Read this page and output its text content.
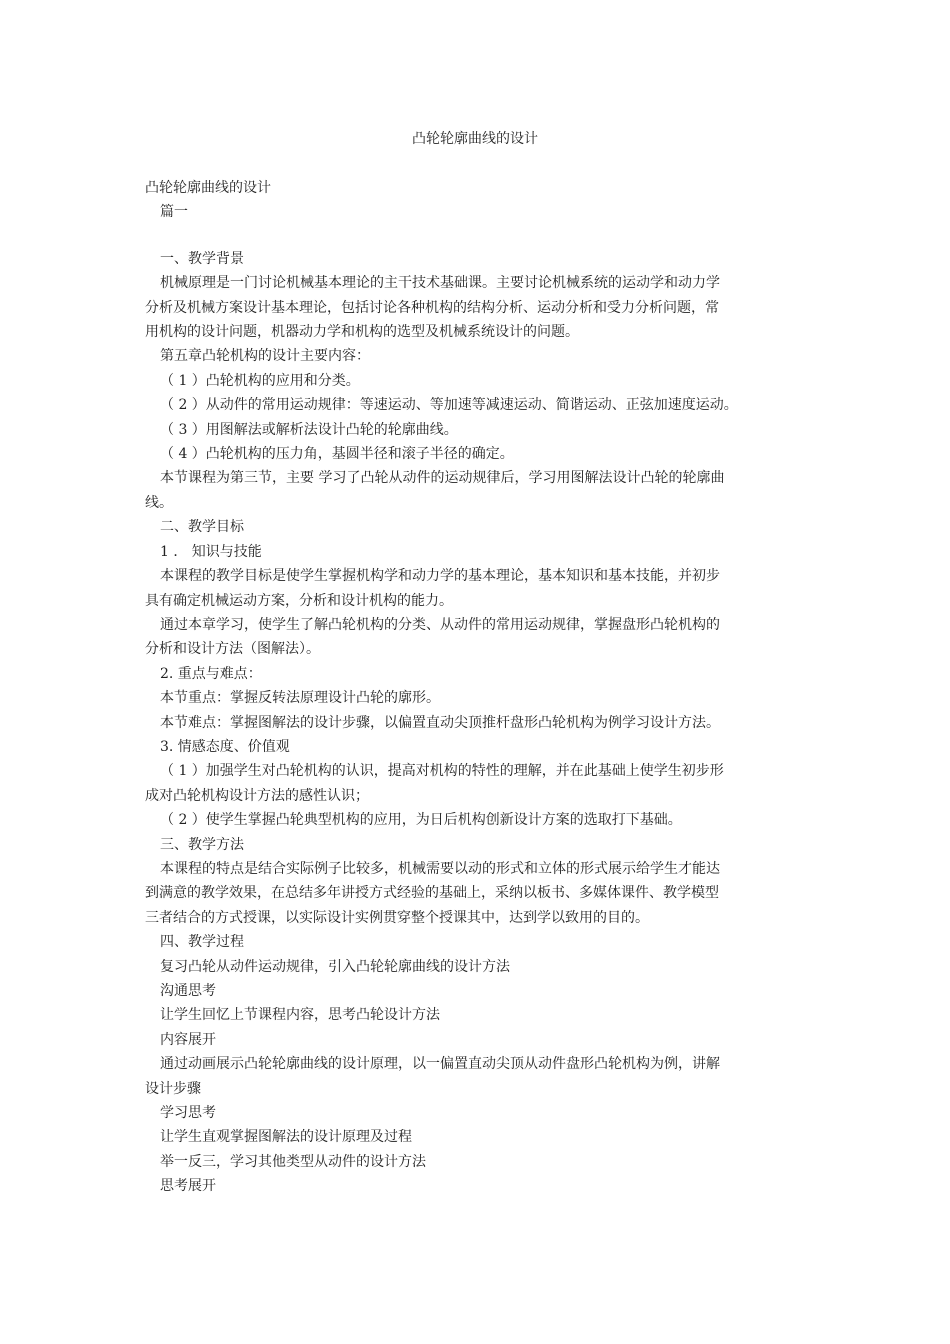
凸轮轮廓曲线的设计

凸轮轮廓曲线的设计

篇一

一、教学背景

机械原理是一门讨论机械基本理论的主干技术基础课。主要讨论机械系统的运动学和动力学

分析及机械方案设计基本理论，包括讨论各种机构的结构分析、运动分析和受力分析问题，常

用机构的设计问题，机器动力学和机构的选型及机械系统设计的问题。

第五章凸轮机构的设计主要内容：

（ 1 ）凸轮机构的应用和分类。

（ 2 ）从动件的常用运动规律：等速运动、等加速等减速运动、简谐运动、正弦加速度运动。

（ 3 ）用图解法或解析法设计凸轮的轮廓曲线。

（ 4 ）凸轮机构的压力角，基圆半径和滚子半径的确定。

本节课程为第三节，主要 学习了凸轮从动件的运动规律后，学习用图解法设计凸轮的轮廓曲

线。

二、教学目标

1 ． 知识与技能

本课程的教学目标是使学生掌握机构学和动力学的基本理论，基本知识和基本技能，并初步

具有确定机械运动方案，分析和设计机构的能力。

通过本章学习，使学生了解凸轮机构的分类、从动件的常用运动规律，掌握盘形凸轮机构的

分析和设计方法（图解法）。

2. 重点与难点：

本节重点：掌握反转法原理设计凸轮的廓形。

本节难点：掌握图解法的设计步骤，以偏置直动尖顶推杆盘形凸轮机构为例学习设计方法。

3. 情感态度、价值观

（ 1 ）加强学生对凸轮机构的认识，提高对机构的特性的理解，并在此基础上使学生初步形

成对凸轮机构设计方法的感性认识；

（ 2 ）使学生掌握凸轮典型机构的应用，为日后机构创新设计方案的选取打下基础。

三、教学方法

本课程的特点是结合实际例子比较多，机械需要以动的形式和立体的形式展示给学生才能达

到满意的教学效果，在总结多年讲授方式经验的基础上，采纳以板书、多媒体课件、教学模型

三者结合的方式授课，以实际设计实例贯穿整个授课其中，达到学以致用的目的。

四、教学过程

复习凸轮从动件运动规律，引入凸轮轮廓曲线的设计方法

沟通思考

让学生回忆上节课程内容，思考凸轮设计方法

内容展开

通过动画展示凸轮轮廓曲线的设计原理，以一偏置直动尖顶从动件盘形凸轮机构为例，讲解

设计步骤

学习思考

让学生直观掌握图解法的设计原理及过程

举一反三，学习其他类型从动件的设计方法

思考展开
